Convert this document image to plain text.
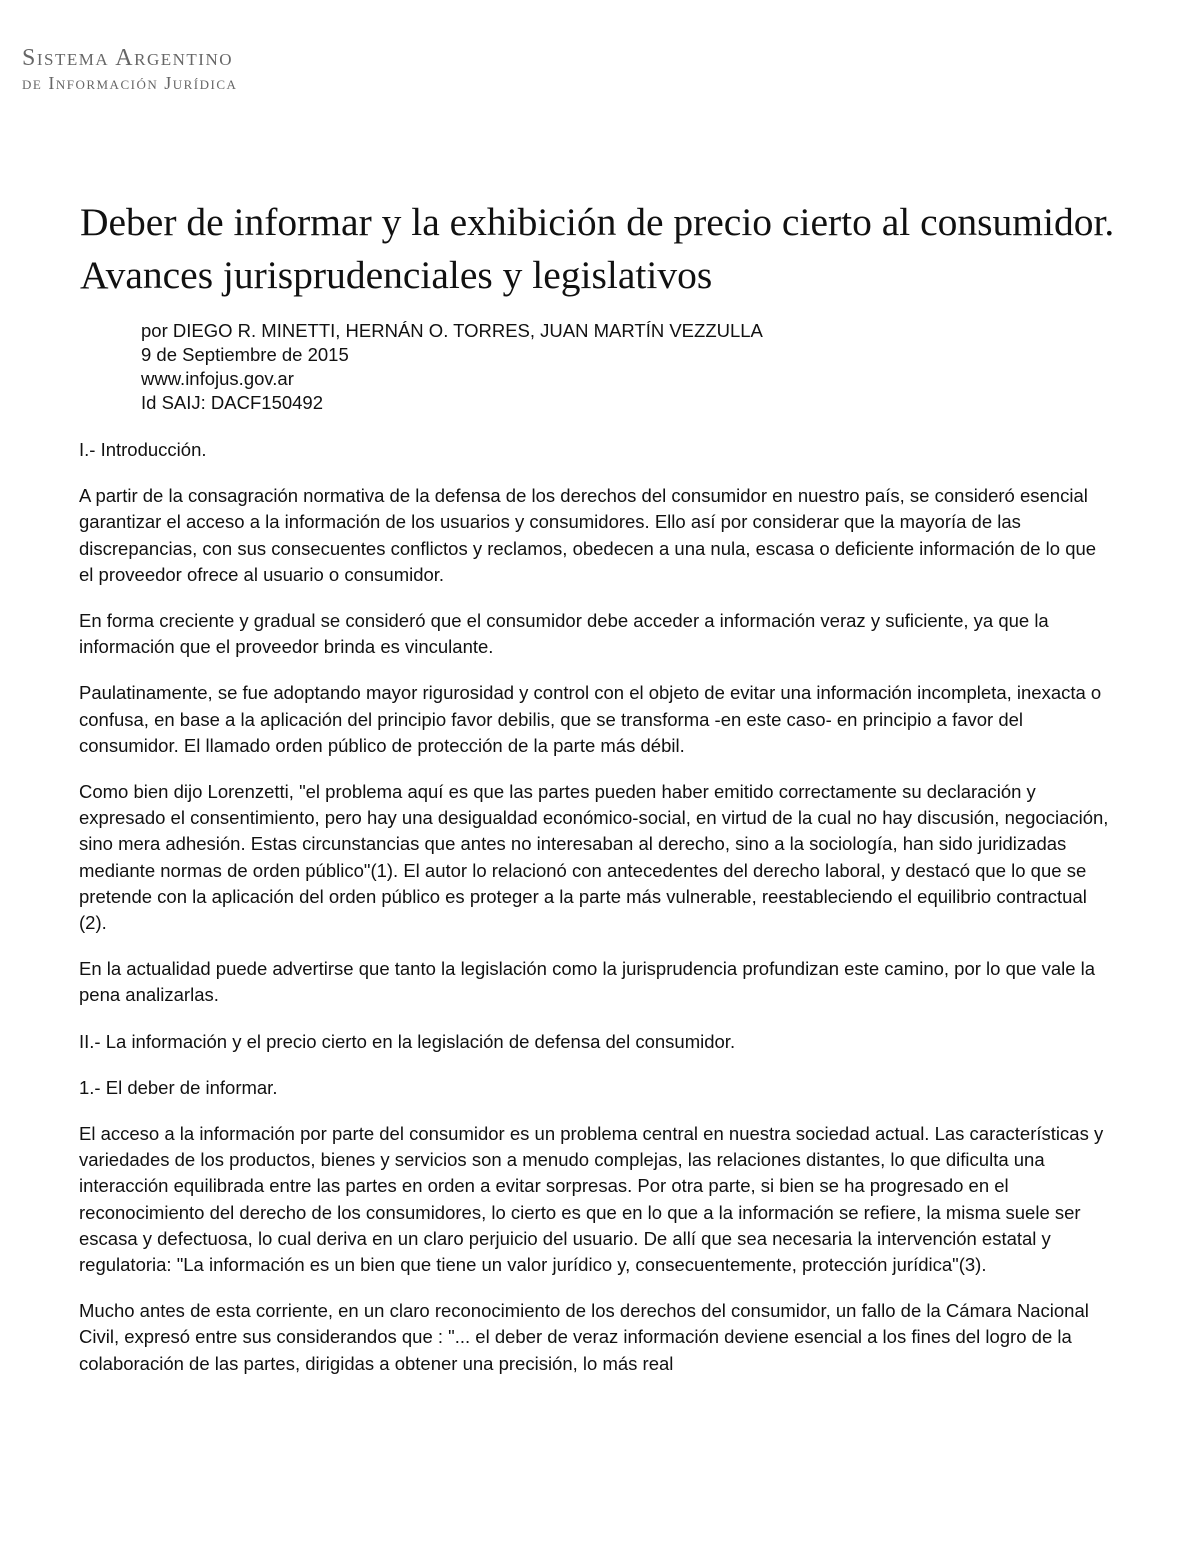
Sistema Argentino
de Información Jurídica
Deber de informar y la exhibición de precio cierto al consumidor. Avances jurisprudenciales y legislativos
por DIEGO R. MINETTI, HERNÁN O. TORRES, JUAN MARTÍN VEZZULLA
9 de Septiembre de 2015
www.infojus.gov.ar
Id SAIJ: DACF150492

I.- Introducción.

A partir de la consagración normativa de la defensa de los derechos del consumidor en nuestro país, se consideró esencial garantizar el acceso a la información de los usuarios y consumidores. Ello así por considerar que la mayoría de las discrepancias, con sus consecuentes conflictos y reclamos, obedecen a una nula, escasa o deficiente información de lo que el proveedor ofrece al usuario o consumidor.

En forma creciente y gradual se consideró que el consumidor debe acceder a información veraz y suficiente, ya que la información que el proveedor brinda es vinculante.

Paulatinamente, se fue adoptando mayor rigurosidad y control con el objeto de evitar una información incompleta, inexacta o confusa, en base a la aplicación del principio favor debilis, que se transforma -en este caso- en principio a favor del consumidor. El llamado orden público de protección de la parte más débil.

Como bien dijo Lorenzetti, "el problema aquí es que las partes pueden haber emitido correctamente su declaración y expresado el consentimiento, pero hay una desigualdad económico-social, en virtud de la cual no hay discusión, negociación, sino mera adhesión. Estas circunstancias que antes no interesaban al derecho, sino a la sociología, han sido juridizadas mediante normas de orden público"(1). El autor lo relacionó con antecedentes del derecho laboral, y destacó que lo que se pretende con la aplicación del orden público es proteger a la parte más vulnerable, reestableciendo el equilibrio contractual (2).

En la actualidad puede advertirse que tanto la legislación como la jurisprudencia profundizan este camino, por lo que vale la pena analizarlas.

II.- La información y el precio cierto en la legislación de defensa del consumidor.

1.- El deber de informar.

El acceso a la información por parte del consumidor es un problema central en nuestra sociedad actual. Las características y variedades de los productos, bienes y servicios son a menudo complejas, las relaciones distantes, lo que dificulta una interacción equilibrada entre las partes en orden a evitar sorpresas. Por otra parte, si bien se ha progresado en el reconocimiento del derecho de los consumidores, lo cierto es que en lo que a la información se refiere, la misma suele ser escasa y defectuosa, lo cual deriva en un claro perjuicio del usuario. De allí que sea necesaria la intervención estatal y regulatoria: "La información es un bien que tiene un valor jurídico y, consecuentemente, protección jurídica"(3).

Mucho antes de esta corriente, en un claro reconocimiento de los derechos del consumidor, un fallo de la Cámara Nacional Civil, expresó entre sus considerandos que : "... el deber de veraz información deviene esencial a los fines del logro de la colaboración de las partes, dirigidas a obtener una precisión, lo más real
